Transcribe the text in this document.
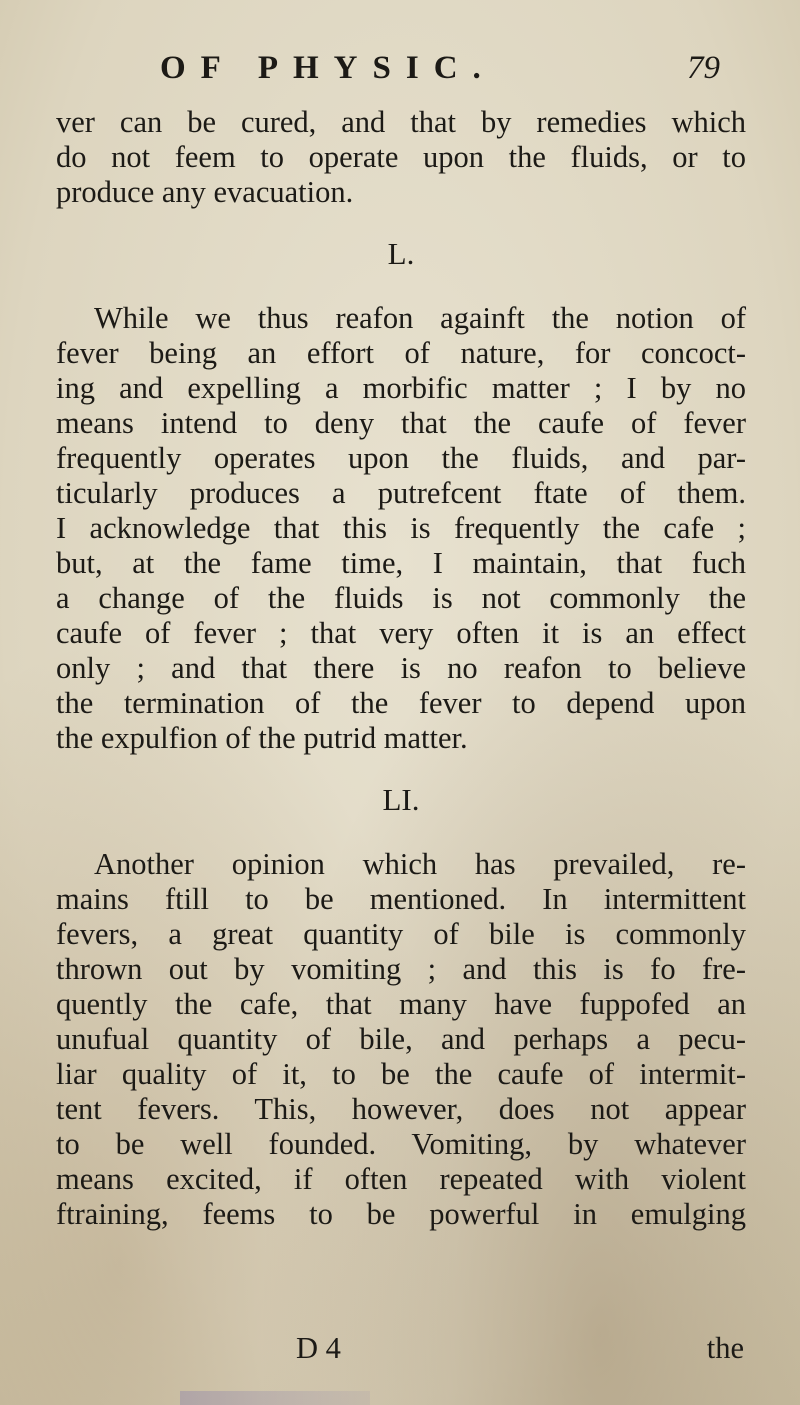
OF PHYSIC.	79
ver can be cured, and that by remedies which
do not feem to operate upon the fluids, or to
produce any evacuation.
L.
While we thus reafon againft the notion of
fever being an effort of nature, for concoct-
ing and expelling a morbific matter ; I by no
means intend to deny that the caufe of fever
frequently operates upon the fluids, and par-
ticularly produces a putrefcent ftate of them.
I acknowledge that this is frequently the cafe ;
but, at the fame time, I maintain, that fuch
a change of the fluids is not commonly the
caufe of fever ; that very often it is an effect
only ; and that there is no reafon to believe
the termination of the fever to depend upon
the expulfion of the putrid matter.
LI.
Another opinion which has prevailed, re-
mains ftill to be mentioned. In intermittent
fevers, a great quantity of bile is commonly
thrown out by vomiting ; and this is fo fre-
quently the cafe, that many have fuppofed an
unufual quantity of bile, and perhaps a pecu-
liar quality of it, to be the caufe of intermit-
tent fevers. This, however, does not appear
to be well founded. Vomiting, by whatever
means excited, if often repeated with violent
ftraining, feems to be powerful in emulging
D 4	the
